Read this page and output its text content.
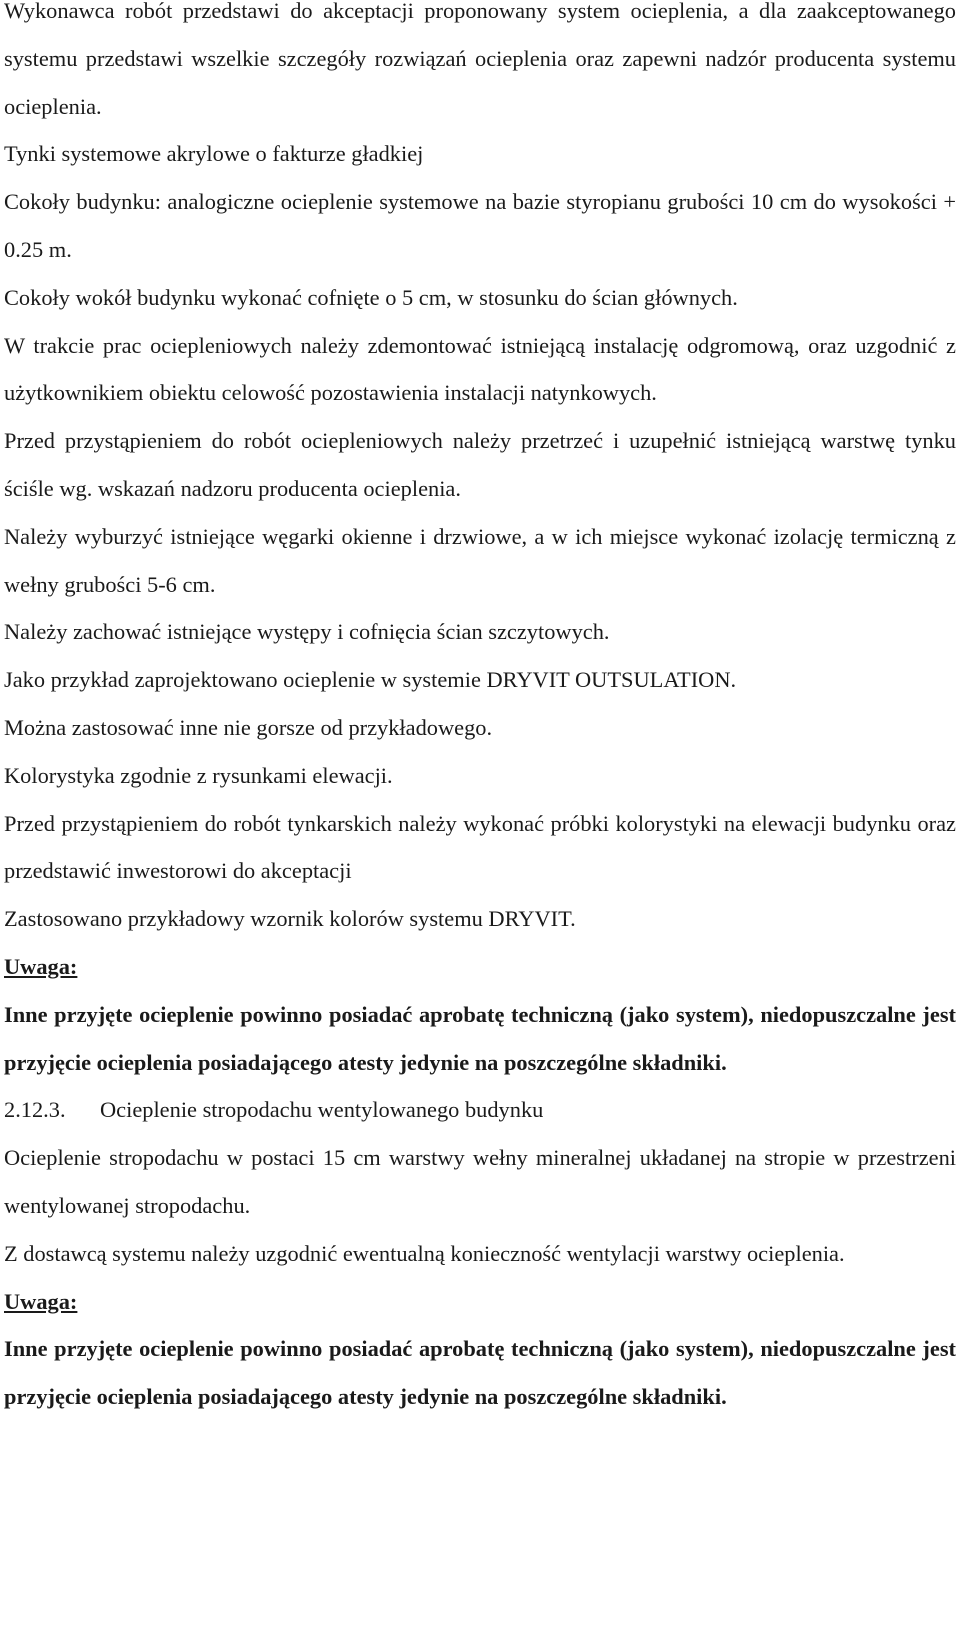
Wykonawca robót przedstawi do akceptacji proponowany system ocieplenia, a dla zaakceptowanego systemu przedstawi wszelkie szczegóły rozwiązań ocieplenia oraz zapewni nadzór producenta systemu ocieplenia.

Tynki systemowe akrylowe o fakturze gładkiej

Cokoły budynku: analogiczne ocieplenie systemowe na bazie styropianu grubości 10 cm do wysokości + 0.25 m.

Cokoły wokół budynku wykonać cofnięte o 5 cm, w stosunku do ścian głównych.

W trakcie prac ociepleniowych należy zdemontować istniejącą instalację odgromową, oraz uzgodnić z użytkownikiem obiektu celowość pozostawienia instalacji natynkowych.

Przed przystąpieniem do robót ociepleniowych należy przetrzeć i uzupełnić istniejącą warstwę tynku ściśle wg. wskazań nadzoru producenta ocieplenia.

Należy wyburzyć istniejące węgarki okienne i drzwiowe, a w ich miejsce wykonać izolację termiczną z wełny grubości 5-6 cm.

Należy zachować istniejące występy i cofnięcia ścian szczytowych.

Jako przykład zaprojektowano ocieplenie w systemie DRYVIT OUTSULATION.

Można zastosować inne nie gorsze od przykładowego.

Kolorystyka zgodnie z rysunkami elewacji.

Przed przystąpieniem do robót tynkarskich należy wykonać próbki kolorystyki na elewacji budynku oraz przedstawić inwestorowi do akceptacji

Zastosowano przykładowy wzornik kolorów systemu DRYVIT.

Uwaga:

Inne przyjęte ocieplenie powinno posiadać aprobatę techniczną (jako system), niedopuszczalne jest przyjęcie ocieplenia posiadającego atesty jedynie na poszczególne składniki.

2.12.3. Ocieplenie stropodachu wentylowanego budynku

Ocieplenie stropodachu w postaci 15 cm warstwy wełny mineralnej układanej na stropie w przestrzeni wentylowanej stropodachu.

Z dostawcą systemu należy uzgodnić ewentualną konieczność wentylacji warstwy ocieplenia.

Uwaga:

Inne przyjęte ocieplenie powinno posiadać aprobatę techniczną (jako system), niedopuszczalne jest przyjęcie ocieplenia posiadającego atesty jedynie na poszczególne składniki.
